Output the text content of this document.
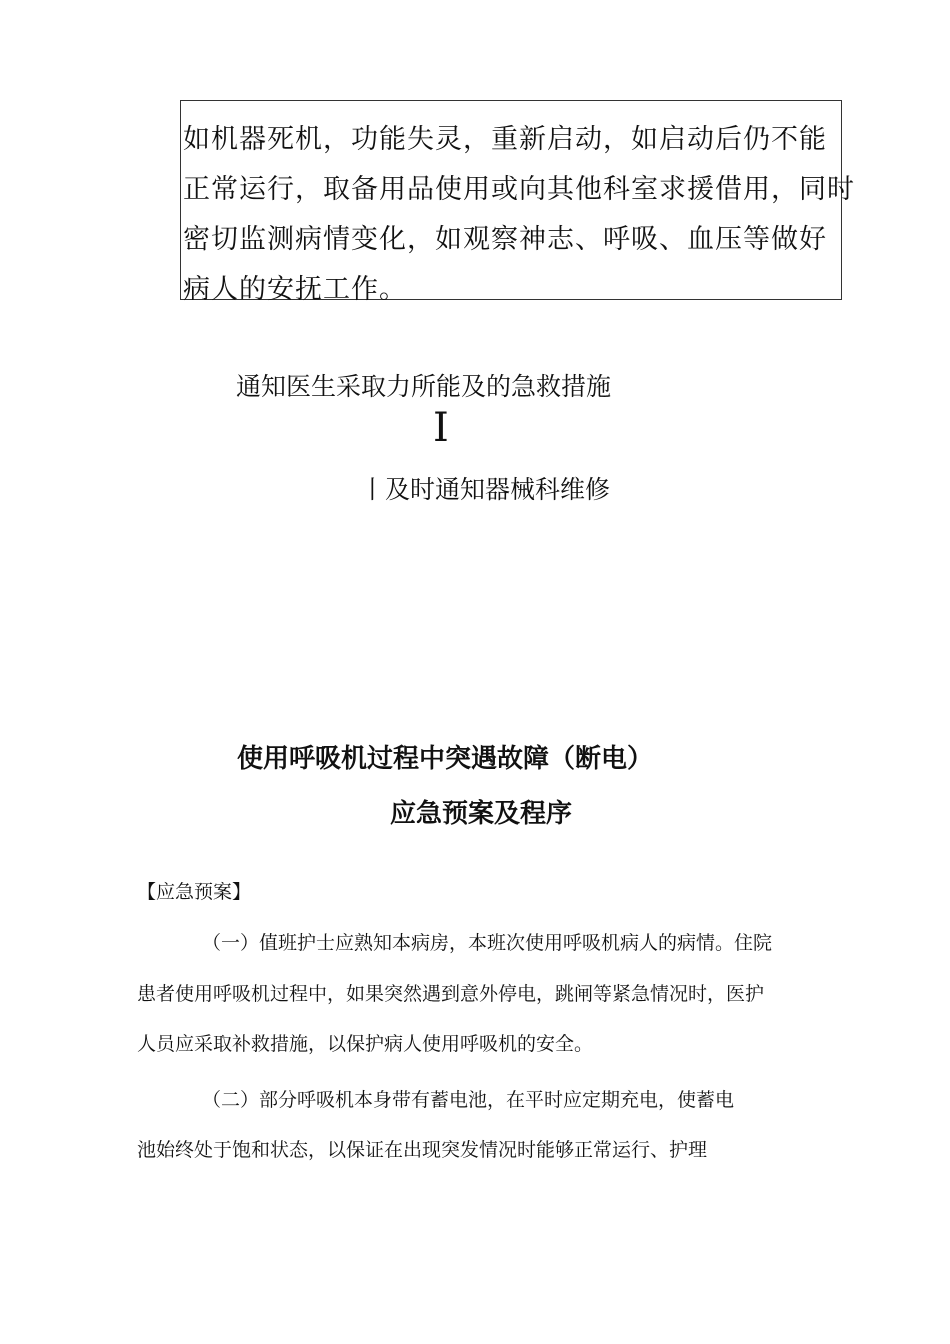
如机器死机，功能失灵，重新启动，如启动后仍不能
正常运行，取备用品使用或向其他科室求援借用，同时
密切监测病情变化，如观察神志、呼吸、血压等做好
病人的安抚工作。
通知医生采取力所能及的急救措施
I
丨及时通知器械科维修
使用呼吸机过程中突遇故障（断电）
应急预案及程序
【应急预案】
（一）值班护士应熟知本病房，本班次使用呼吸机病人的病情。住院
患者使用呼吸机过程中，如果突然遇到意外停电，跳闸等紧急情况时，医护
人员应采取补救措施，以保护病人使用呼吸机的安全。
（二）部分呼吸机本身带有蓄电池，在平时应定期充电，使蓄电
池始终处于饱和状态，以保证在出现突发情况时能够正常运行、护理
